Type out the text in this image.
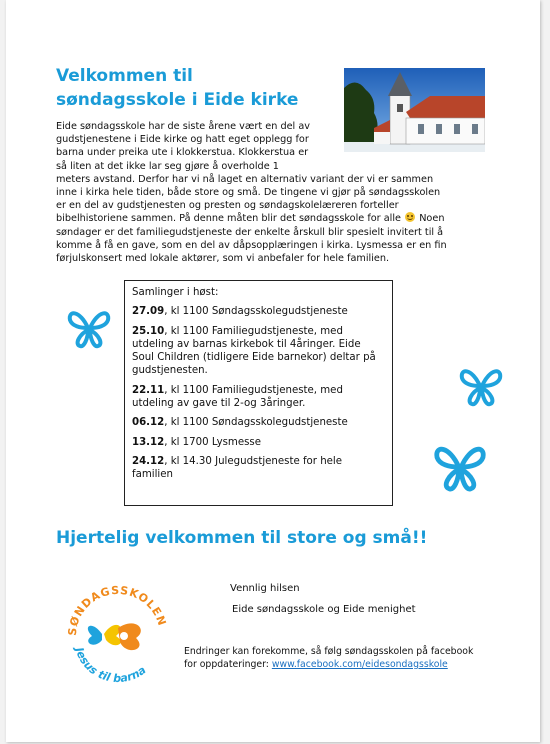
Velkommen til
søndagsskole i Eide kirke

Eide søndagsskole har de siste årene vært en del av
gudstjenestene i Eide kirke og hatt eget opplegg for
barna under preika ute i klokkerstua. Klokkerstua er
så liten at det ikke lar seg gjøre å overholde 1
meters avstand. Derfor har vi nå laget en alternativ variant der vi er sammen
inne i kirka hele tiden, både store og små. De tingene vi gjør på søndagsskolen
er en del av gudstjenesten og presten og søndagskolelæreren forteller
bibelhistoriene sammen. På denne måten blir det søndagsskole for alle  Noen
søndager er det familiegudstjeneste der enkelte årskull blir spesielt invitert til å
komme å få en gave, som en del av dåpsopplæringen i kirka. Lysmessa er en fin
førjulskonsert med lokale aktører, som vi anbefaler for hele familien.

Samlinger i høst:

27.09, kl 1100 Søndagsskolegudstjeneste

25.10, kl 1100 Familiegudstjeneste, med utdeling av barnas kirkebok til 4åringer. Eide Soul Children (tidligere Eide barnekor) deltar på gudstjenesten.

22.11, kl 1100 Familiegudstjeneste, med utdeling av gave til 2-og 3åringer.

06.12, kl 1100 Søndagsskolegudstjeneste

13.12, kl 1700 Lysmesse

24.12, kl 14.30 Julegudstjeneste for hele familien

Hjertelig velkommen til store og små!!
SØNDAGSSKOLEN
Jesus til barna

Vennlig hilsen

Eide søndagsskole og Eide menighet

Endringer kan forekomme, så følg søndagsskolen på facebook
for oppdateringer: www.facebook.com/eidesondagsskole
